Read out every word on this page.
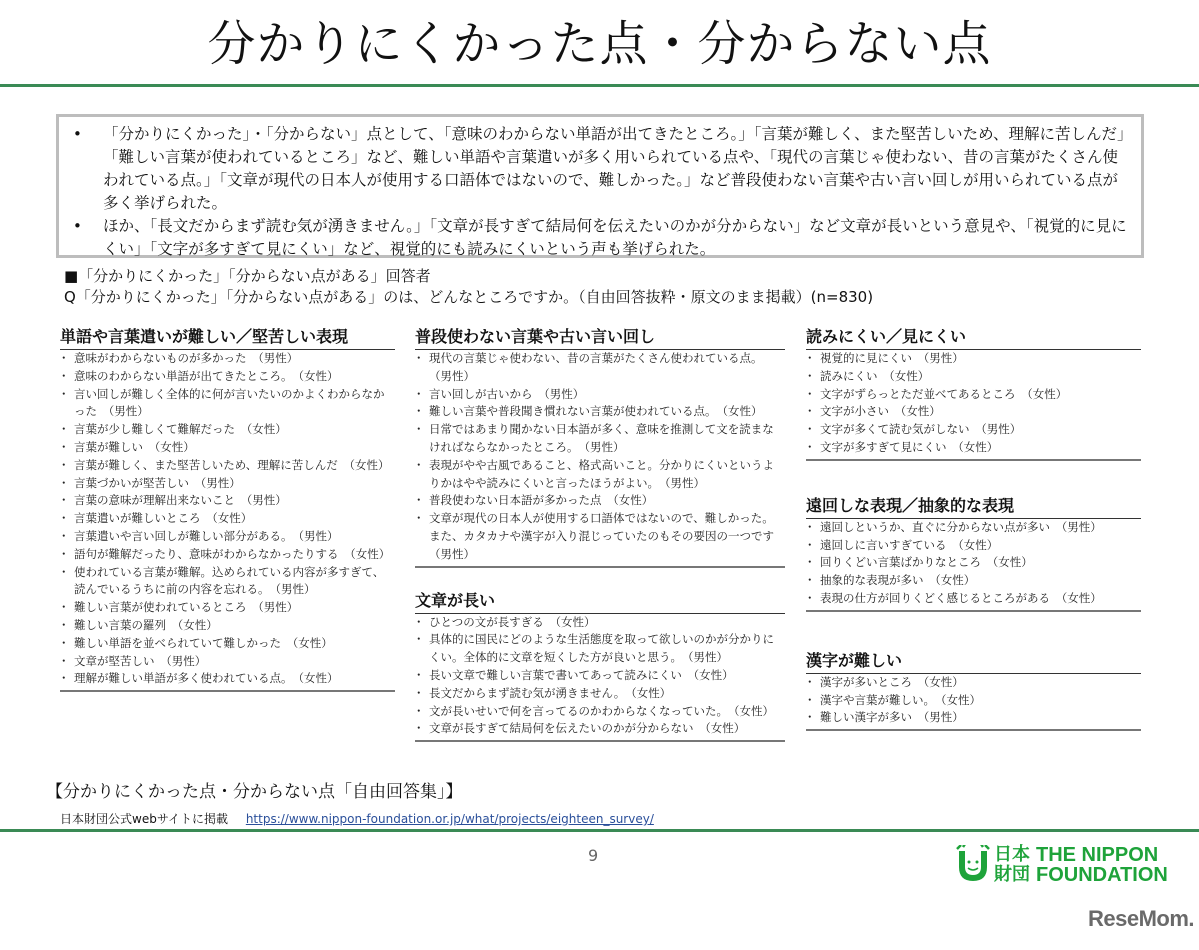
分かりにくかった点・分からない点
• 「分かりにくかった」・「分からない」点として、「意味のわからない単語が出てきたところ。」「言葉が難しく、また堅苦しいため、理解に苦しんだ」「難しい言葉が使われているところ」など、難しい単語や言葉遣いが多く用いられている点や、「現代の言葉じゃ使わない、昔の言葉がたくさん使われている点。」「文章が現代の日本人が使用する口語体ではないので、難しかった。」など普段使わない言葉や古い言い回しが用いられている点が多く挙げられた。
• ほか、「長文だからまず読む気が湧きません。」「文章が長すぎて結局何を伝えたいのかが分からない」など文章が長いという意見や、「視覚的に見にくい」「文字が多すぎて見にくい」など、視覚的にも読みにくいという声も挙げられた。
■「分かりにくかった」「分からない点がある」回答者
Q「分かりにくかった」「分からない点がある」のは、どんなところですか。（自由回答抜粋・原文のまま掲載）(n=830)
単語や言葉遣いが難しい／堅苦しい表現
・ 意味がわからないものが多かった　（男性）
・ 意味のわからない単語が出てきたところ。　（女性）
・ 言い回しが難しく全体的に何が言いたいのかよくわからなかった　（男性）
・ 言葉が少し難しくて難解だった　（女性）
・ 言葉が難しい　（女性）
・ 言葉が難しく、また堅苦しいため、理解に苦しんだ　（女性）
・ 言葉づかいが堅苦しい　（男性）
・ 言葉の意味が理解出来ないこと　（男性）
・ 言葉遣いが難しいところ　（女性）
・ 言葉遣いや言い回しが難しい部分がある。　（男性）
・ 語句が難解だったり、意味がわからなかったりする　（女性）
・ 使われている言葉が難解。込められている内容が多すぎて、読んでいるうちに前の内容を忘れる。　（男性）
・ 難しい言葉が使われているところ　（男性）
・ 難しい言葉の羅列　（女性）
・ 難しい単語を並べられていて難しかった　（女性）
・ 文章が堅苦しい　（男性）
・ 理解が難しい単語が多く使われている点。　（女性）
普段使わない言葉や古い言い回し
・ 現代の言葉じゃ使わない、昔の言葉がたくさん使われている点。　（男性）
・ 言い回しが古いから　（男性）
・ 難しい言葉や普段聞き慣れない言葉が使われている点。　（女性）
・ 日常ではあまり聞かない日本語が多く、意味を推測して文を読まなければならなかったところ。　（男性）
・ 表現がやや古風であること、格式高いこと。分かりにくいというよりかはやや読みにくいと言ったほうがよい。　（男性）
・ 普段使わない日本語が多かった点　（女性）
・ 文章が現代の日本人が使用する口語体ではないので、難しかった。また、カタカナや漢字が入り混じっていたのもその要因の一つです　（男性）
文章が長い
・ ひとつの文が長すぎる　（女性）
・ 具体的に国民にどのような生活態度を取って欲しいのかが分かりにくい。全体的に文章を短くした方が良いと思う。　（男性）
・ 長い文章で難しい言葉で書いてあって読みにくい　（女性）
・ 長文だからまず読む気が湧きません。　（女性）
・ 文が長いせいで何を言ってるのかわからなくなっていた。　（女性）
・ 文章が長すぎて結局何を伝えたいのかが分からない　（女性）
読みにくい／見にくい
・ 視覚的に見にくい　（男性）
・ 読みにくい　（女性）
・ 文字がずらっとただ並べてあるところ　（女性）
・ 文字が小さい　（女性）
・ 文字が多くて読む気がしない　（男性）
・ 文字が多すぎて見にくい　（女性）
遠回しな表現／抽象的な表現
・ 遠回しというか、直ぐに分からない点が多い　（男性）
・ 遠回しに言いすぎている　（女性）
・ 回りくどい言葉ばかりなところ　（女性）
・ 抽象的な表現が多い　（女性）
・ 表現の仕方が回りくどく感じるところがある　（女性）
漢字が難しい
・ 漢字が多いところ　（女性）
・ 漢字や言葉が難しい。　（女性）
・ 難しい漢字が多い　（男性）
【分かりにくかった点・分からない点「自由回答集」】
日本財団公式webサイトに掲載 https://www.nippon-foundation.or.jp/what/projects/eighteen_survey/
9	日本
財団
THE NIPPON
FOUNDATION
ReseMom.
